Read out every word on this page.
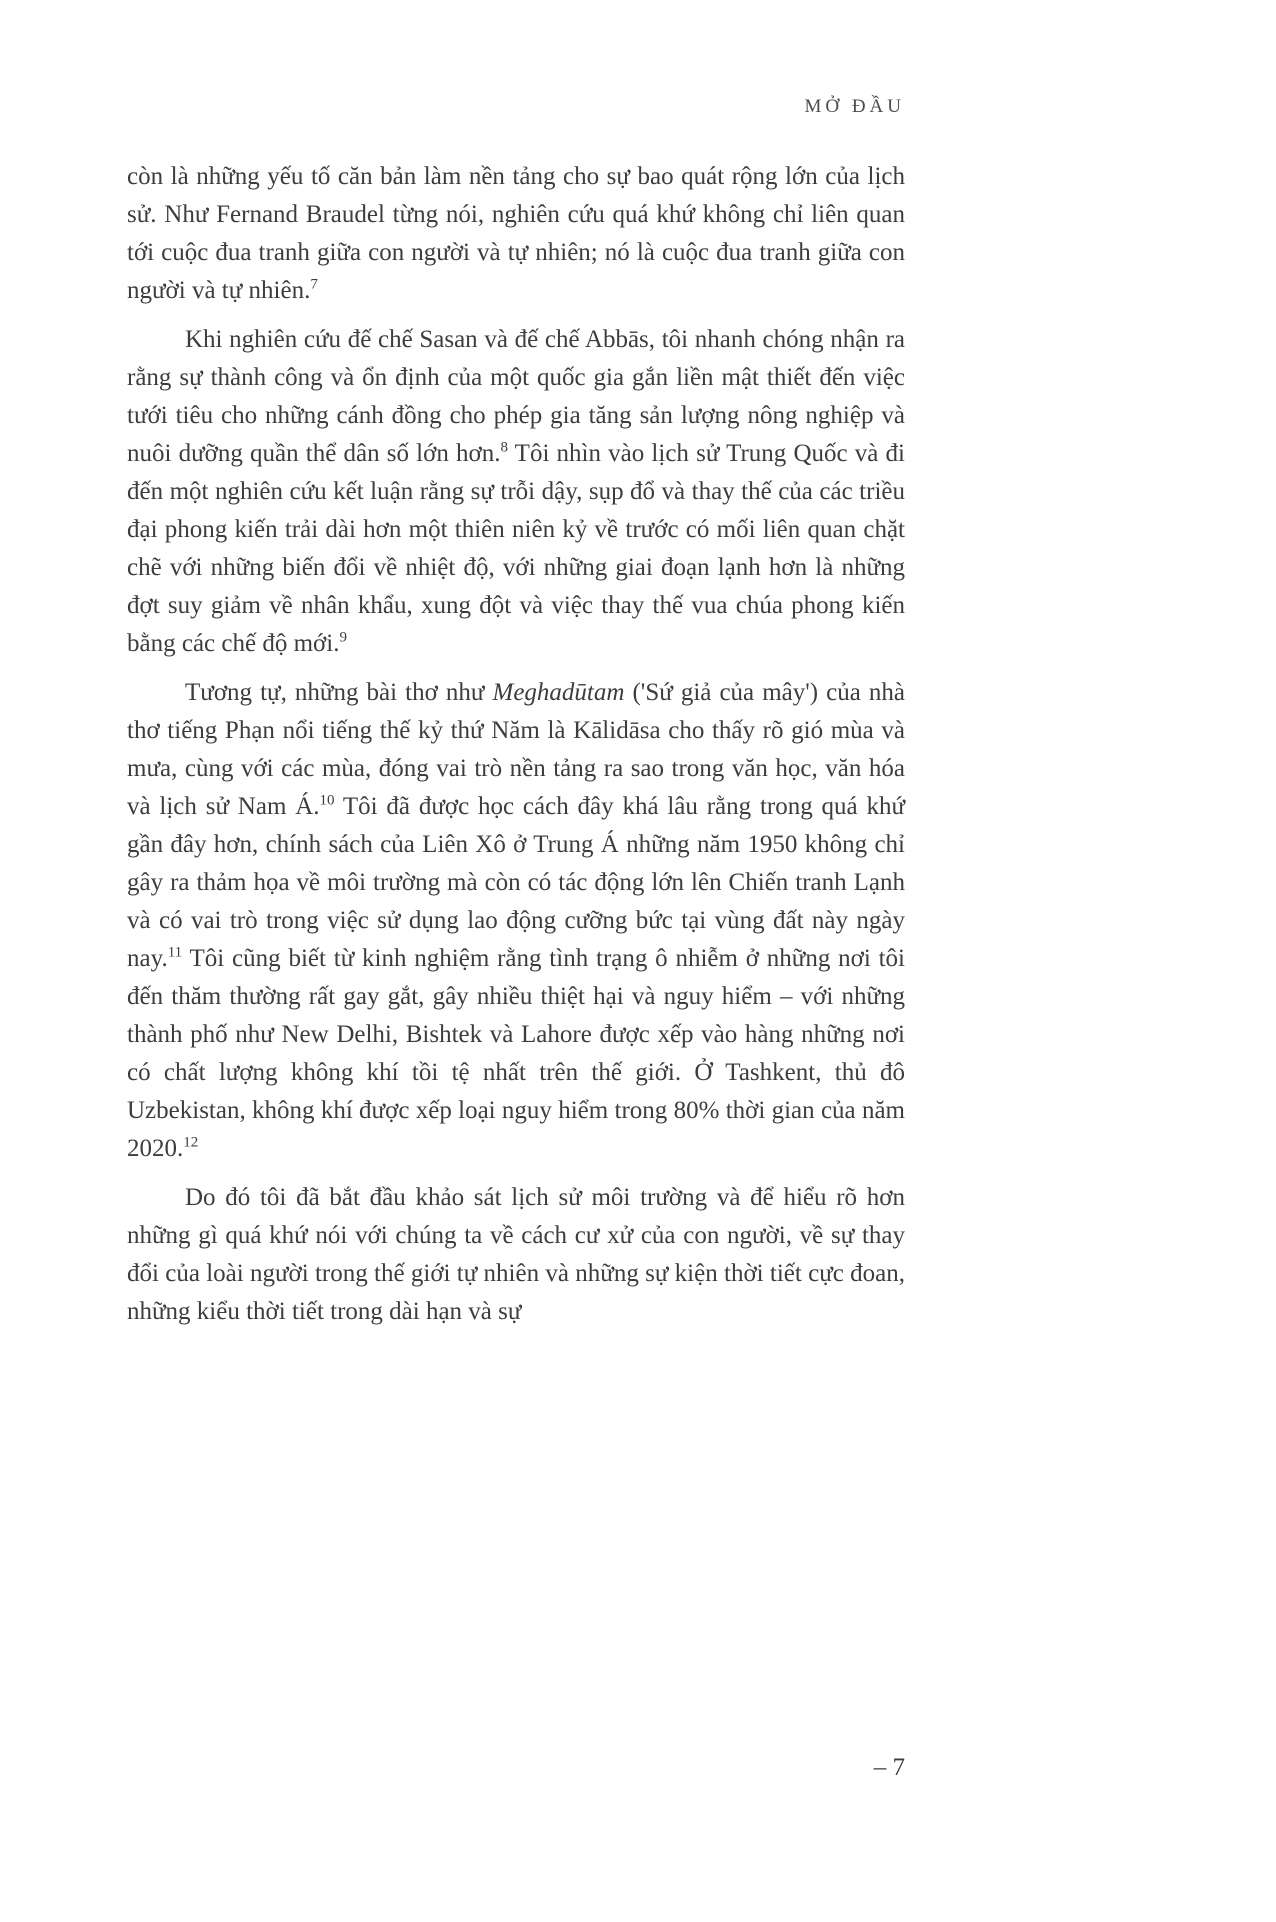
MỞ ĐẦU

còn là những yếu tố căn bản làm nền tảng cho sự bao quát rộng lớn của lịch sử. Như Fernand Braudel từng nói, nghiên cứu quá khứ không chỉ liên quan tới cuộc đua tranh giữa con người và tự nhiên; nó là cuộc đua tranh giữa con người và tự nhiên.$^7$

Khi nghiên cứu đế chế Sasan và đế chế Abbās, tôi nhanh chóng nhận ra rằng sự thành công và ổn định của một quốc gia gắn liền mật thiết đến việc tưới tiêu cho những cánh đồng cho phép gia tăng sản lượng nông nghiệp và nuôi dưỡng quần thể dân số lớn hơn.$^8$ Tôi nhìn vào lịch sử Trung Quốc và đi đến một nghiên cứu kết luận rằng sự trỗi dậy, sụp đổ và thay thế của các triều đại phong kiến trải dài hơn một thiên niên kỷ về trước có mối liên quan chặt chẽ với những biến đổi về nhiệt độ, với những giai đoạn lạnh hơn là những đợt suy giảm về nhân khẩu, xung đột và việc thay thế vua chúa phong kiến bằng các chế độ mới.$^9$

Tương tự, những bài thơ như Meghadūtam ('Sứ giả của mây') của nhà thơ tiếng Phạn nổi tiếng thế kỷ thứ Năm là Kālidāsa cho thấy rõ gió mùa và mưa, cùng với các mùa, đóng vai trò nền tảng ra sao trong văn học, văn hóa và lịch sử Nam Á.$^{10}$ Tôi đã được học cách đây khá lâu rằng trong quá khứ gần đây hơn, chính sách của Liên Xô ở Trung Á những năm 1950 không chỉ gây ra thảm họa về môi trường mà còn có tác động lớn lên Chiến tranh Lạnh và có vai trò trong việc sử dụng lao động cưỡng bức tại vùng đất này ngày nay.$^{11}$ Tôi cũng biết từ kinh nghiệm rằng tình trạng ô nhiễm ở những nơi tôi đến thăm thường rất gay gắt, gây nhiều thiệt hại và nguy hiểm – với những thành phố như New Delhi, Bishtek và Lahore được xếp vào hàng những nơi có chất lượng không khí tồi tệ nhất trên thế giới. Ở Tashkent, thủ đô Uzbekistan, không khí được xếp loại nguy hiểm trong 80% thời gian của năm 2020.12

Do đó tôi đã bắt đầu khảo sát lịch sử môi trường và để hiểu rõ hơn những gì quá khứ nói với chúng ta về cách cư xử của con người, về sự thay đổi của loài người trong thế giới tự nhiên và những sự kiện thời tiết cực đoan, những kiểu thời tiết trong dài hạn và sự

– 7
